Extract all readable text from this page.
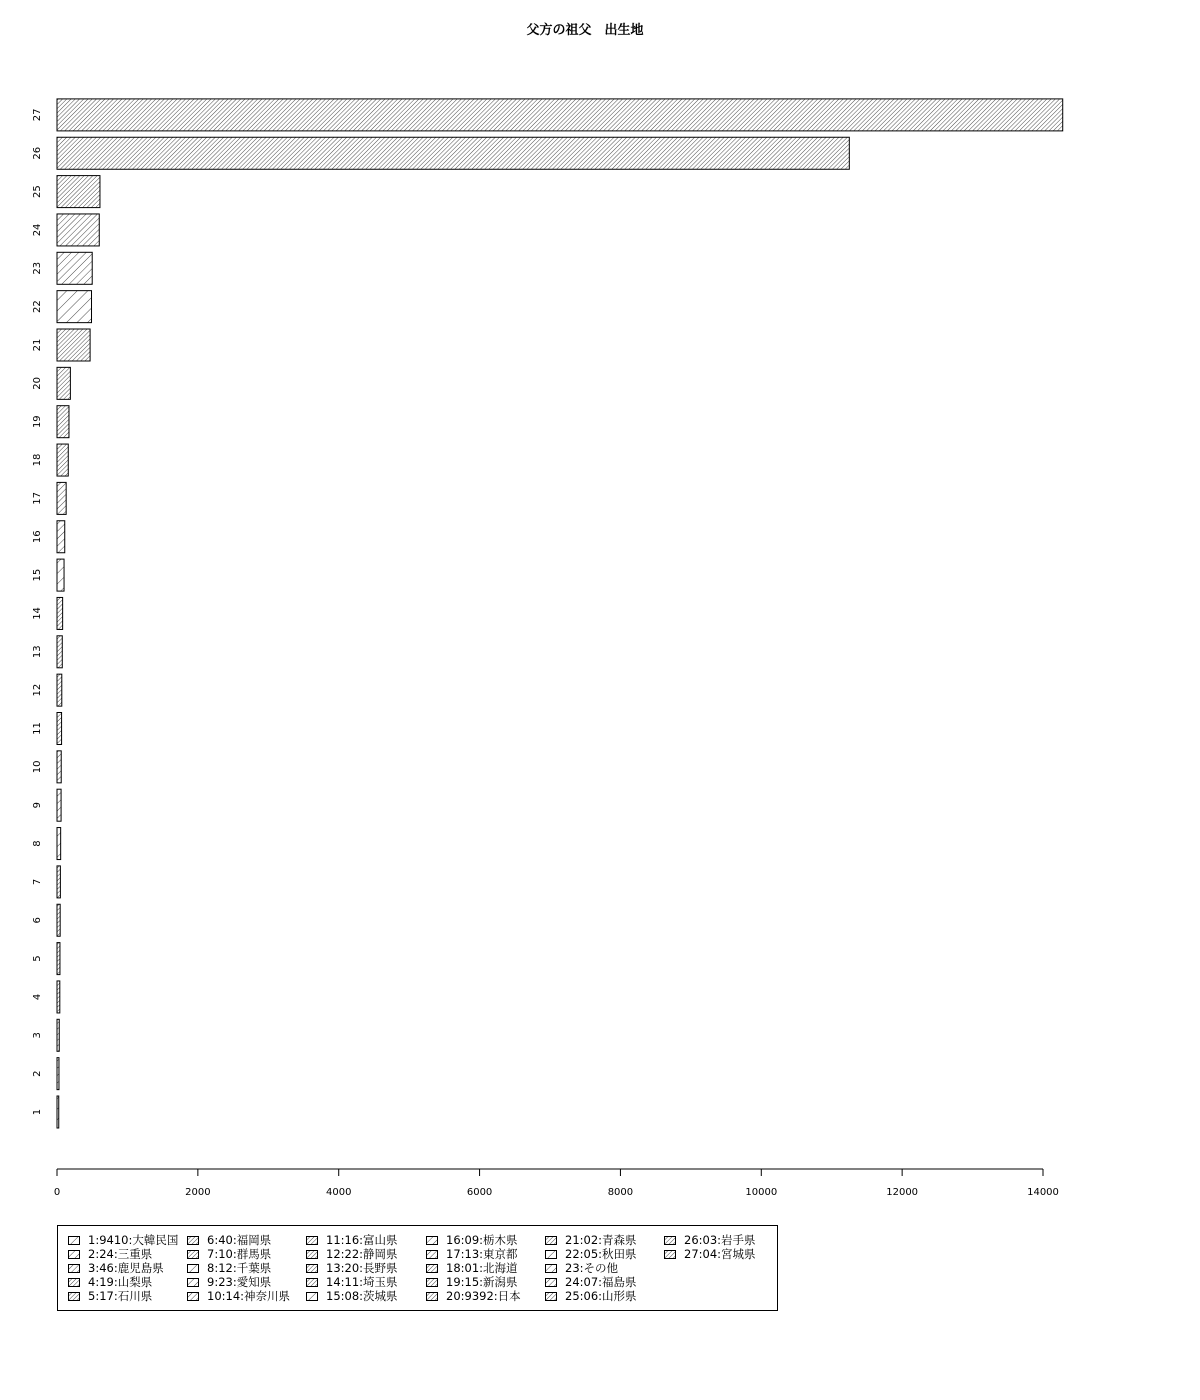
父方の祖父　出生地
1
2
3
4
5
6
7
8
9
10
11
12
13
14
15
16
17
18
19
20
21
22
23
24
25
26
27
0	2000	4000	6000	8000	10000	12000	14000
1:9410:大韓民国
2:24:三重県
3:46:鹿児島県
4:19:山梨県
5:17:石川県
6:40:福岡県
7:10:群馬県
8:12:千葉県
9:23:愛知県
10:14:神奈川県
11:16:富山県
12:22:静岡県
13:20:長野県
14:11:埼玉県
15:08:茨城県
16:09:栃木県
17:13:東京都
18:01:北海道
19:15:新潟県
20:9392:日本
21:02:青森県
22:05:秋田県
23:その他
24:07:福島県
25:06:山形県
26:03:岩手県
27:04:宮城県
